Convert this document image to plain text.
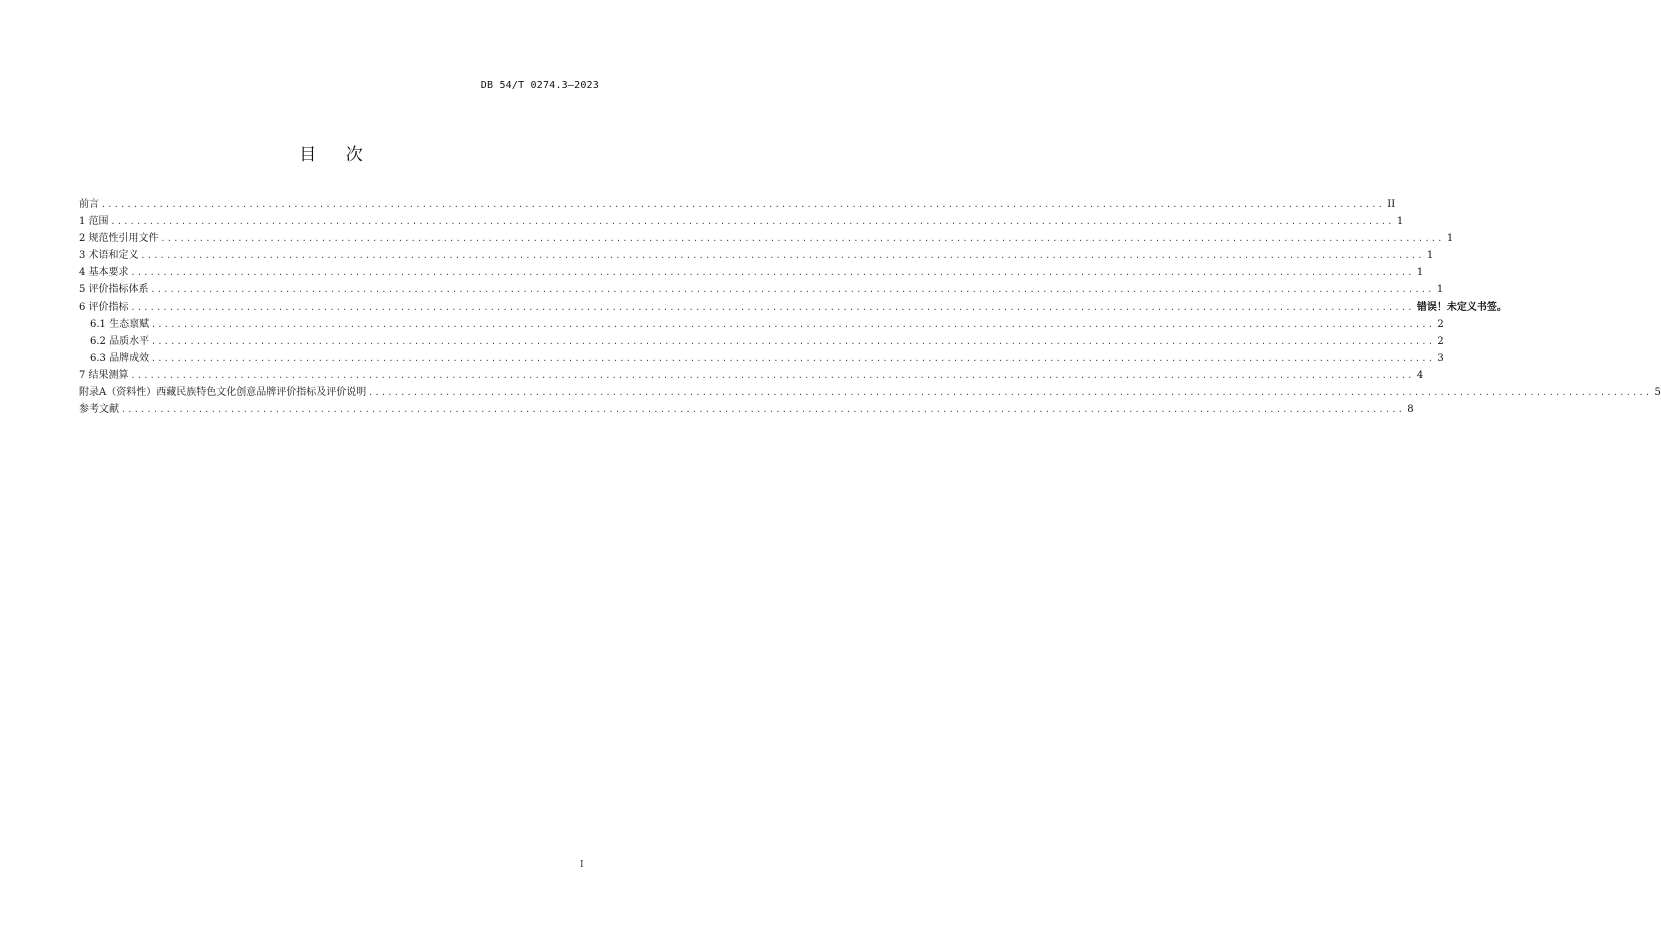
DB 54/T 0274.3—2023
目 次
前言 ........................................................................................................................................................................................................ II
1 范围 ........................................................................................................................................................................................................ 1
2 规范性引用文件 ........................................................................................................................................................................................................ 1
3 术语和定义 ........................................................................................................................................................................................................ 1
4 基本要求 ........................................................................................................................................................................................................ 1
5 评价指标体系 ........................................................................................................................................................................................................ 1
6 评价指标 ........................................................................................................................................................................................................ 错误！未定义书签。
6.1 生态禀赋 ........................................................................................................................................................................................................ 2
6.2 品质水平 ........................................................................................................................................................................................................ 2
6.3 品牌成效 ........................................................................................................................................................................................................ 3
7 结果测算 ........................................................................................................................................................................................................ 4
附录A（资料性）西藏民族特色文化创意品牌评价指标及评价说明 ........................................................................................................................................................................................................ 5
参考文献 ........................................................................................................................................................................................................ 8
I
